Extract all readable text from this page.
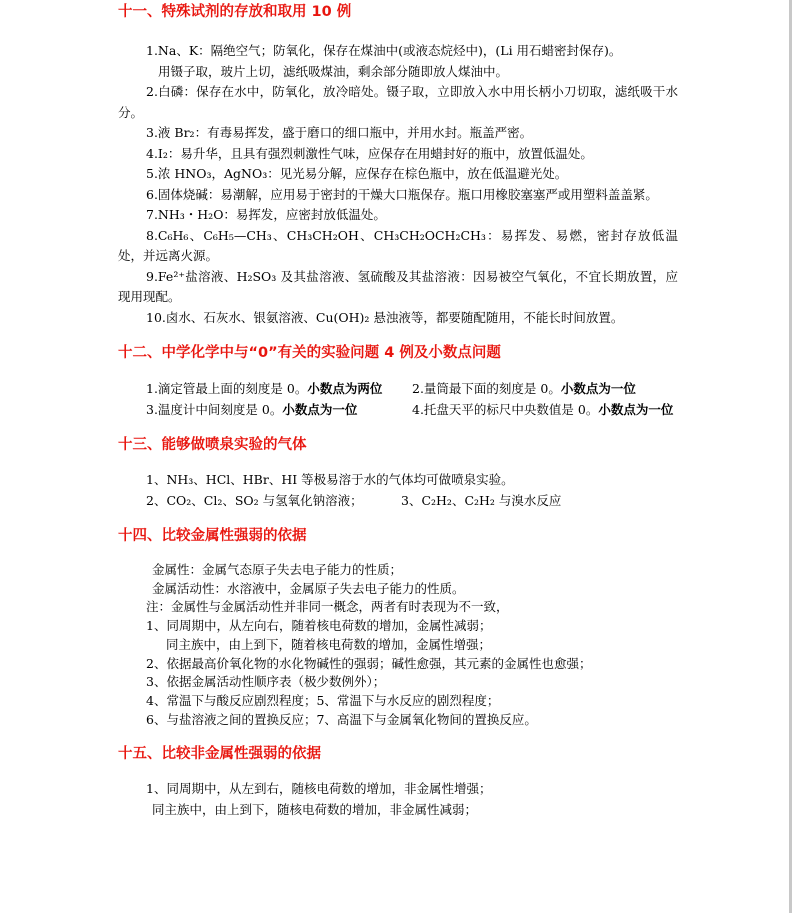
十一、特殊试剂的存放和取用 10 例

1.Na、K：隔绝空气；防氧化，保存在煤油中(或液态烷烃中)，(Li 用石蜡密封保存)。

用镊子取，玻片上切，滤纸吸煤油，剩余部分随即放人煤油中。

2.白磷：保存在水中，防氧化，放冷暗处。镊子取，立即放入水中用长柄小刀切取，滤纸吸干水分。

3.液 Br₂：有毒易挥发，盛于磨口的细口瓶中，并用水封。瓶盖严密。

4.I₂：易升华，且具有强烈刺激性气味，应保存在用蜡封好的瓶中，放置低温处。

5.浓 HNO₃，AgNO₃：见光易分解，应保存在棕色瓶中，放在低温避光处。

6.固体烧碱：易潮解，应用易于密封的干燥大口瓶保存。瓶口用橡胶塞塞严或用塑料盖盖紧。

7.NH₃・H₂O：易挥发，应密封放低温处。

8.C₆H₆、C₆H₅—CH₃、CH₃CH₂OH、CH₃CH₂OCH₂CH₃：易挥发、易燃，密封存放低温处，并远离火源。

9.Fe²⁺盐溶液、H₂SO₃ 及其盐溶液、氢硫酸及其盐溶液：因易被空气氧化，不宜长期放置，应现用现配。

10.卤水、石灰水、银氨溶液、Cu(OH)₂ 悬浊液等，都要随配随用，不能长时间放置。

十二、中学化学中与“0”有关的实验问题 4 例及小数点问题
1.滴定管最上面的刻度是 0。小数点为两位	2.量筒最下面的刻度是 0。小数点为一位
3.温度计中间刻度是 0。小数点为一位	4.托盘天平的标尺中央数值是 0。小数点为一位
十三、能够做喷泉实验的气体

1、NH₃、HCl、HBr、HI 等极易溶于水的气体均可做喷泉实验。

2、CO₂、Cl₂、SO₂ 与氢氧化钠溶液；	3、C₂H₂、C₂H₂ 与溴水反应
十四、比较金属性强弱的依据

金属性：金属气态原子失去电子能力的性质；

金属活动性：水溶液中，金属原子失去电子能力的性质。

注：金属性与金属活动性并非同一概念，两者有时表现为不一致，

1、同周期中，从左向右，随着核电荷数的增加，金属性减弱；

同主族中，由上到下，随着核电荷数的增加，金属性增强；

2、依据最高价氧化物的水化物碱性的强弱；碱性愈强，其元素的金属性也愈强；

3、依据金属活动性顺序表（极少数例外）；

4、常温下与酸反应剧烈程度；5、常温下与水反应的剧烈程度；

6、与盐溶液之间的置换反应；7、高温下与金属氧化物间的置换反应。

十五、比较非金属性强弱的依据

1、同周期中，从左到右，随核电荷数的增加，非金属性增强；

同主族中，由上到下，随核电荷数的增加，非金属性减弱；
